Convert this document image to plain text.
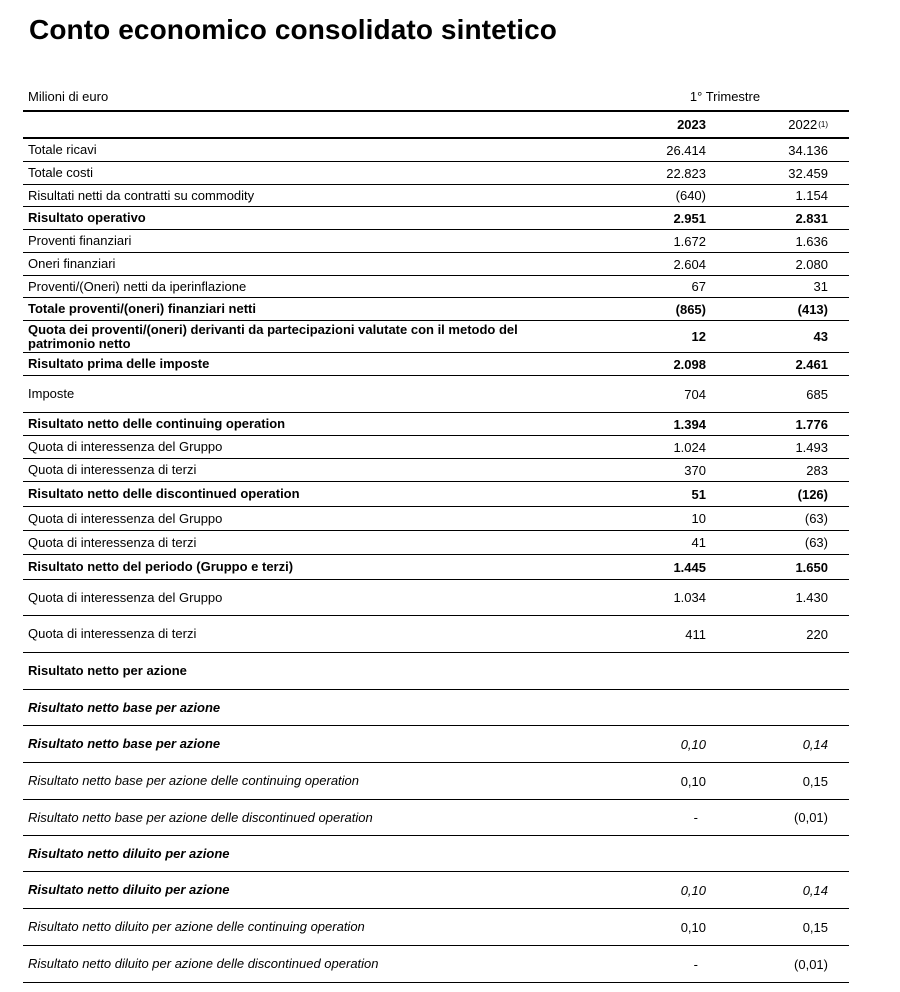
Conto economico consolidato sintetico
Milioni di euro	1° Trimestre
2023	2022 (1)
Totale ricavi	26.414	34.136
Totale costi	22.823	32.459
Risultati netti da contratti su commodity	(640)	1.154
Risultato operativo	2.951	2.831
Proventi finanziari	1.672	1.636
Oneri finanziari	2.604	2.080
Proventi/(Oneri) netti da iperinflazione	67	31
Totale proventi/(oneri) finanziari netti	(865)	(413)
Quota dei proventi/(oneri) derivanti da partecipazioni valutate con il metodo del patrimonio netto	12	43
Risultato prima delle imposte	2.098	2.461
Imposte	704	685
Risultato netto delle continuing operation	1.394	1.776
Quota di interessenza del Gruppo	1.024	1.493
Quota di interessenza di terzi	370	283
Risultato netto delle discontinued operation	51	(126)
Quota di interessenza del Gruppo	10	(63)
Quota di interessenza di terzi	41	(63)
Risultato netto del periodo (Gruppo e terzi)	1.445	1.650
Quota di interessenza del Gruppo	1.034	1.430
Quota di interessenza di terzi	411	220
Risultato netto per azione
Risultato netto base per azione
Risultato netto base per azione	0,10	0,14
Risultato netto base per azione delle continuing operation	0,10	0,15
Risultato netto base per azione delle discontinued operation	-	(0,01)
Risultato netto diluito per azione
Risultato netto diluito per azione	0,10	0,14
Risultato netto diluito per azione delle continuing operation	0,10	0,15
Risultato netto diluito per azione delle discontinued operation	-	(0,01)
